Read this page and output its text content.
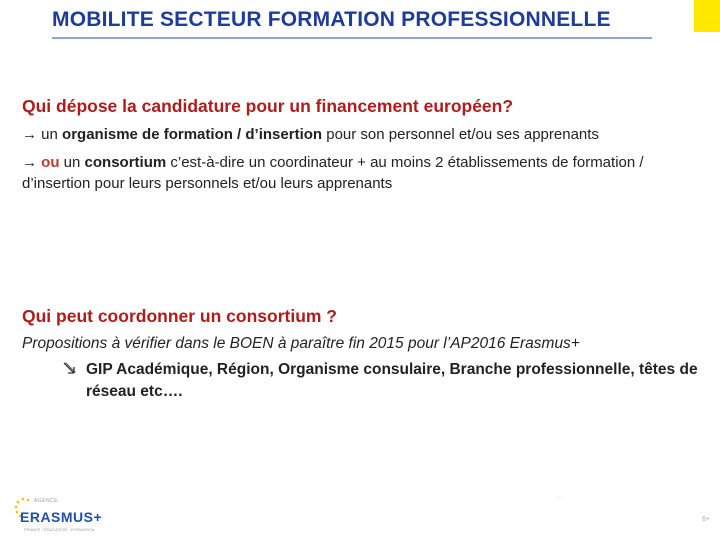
MOBILITE SECTEUR FORMATION PROFESSIONNELLE
Qui dépose la candidature pour un financement européen?
→ un organisme de formation / d’insertion pour son personnel et/ou ses apprenants
→ ou un consortium c’est-à-dire un coordinateur + au moins 2 établissements de formation / d’insertion pour leurs personnels et/ou leurs apprenants
Qui peut coordonner un consortium ?
Propositions à vérifier dans le BOEN à paraître fin 2015 pour l’AP2016 Erasmus+
GIP Académique, Région, Organisme consulaire, Branche professionnelle, têtes de réseau etc….
- .
AGENCE
ERASMUS+
FRANCE · ÉDUCATION · FORMATION
6+
